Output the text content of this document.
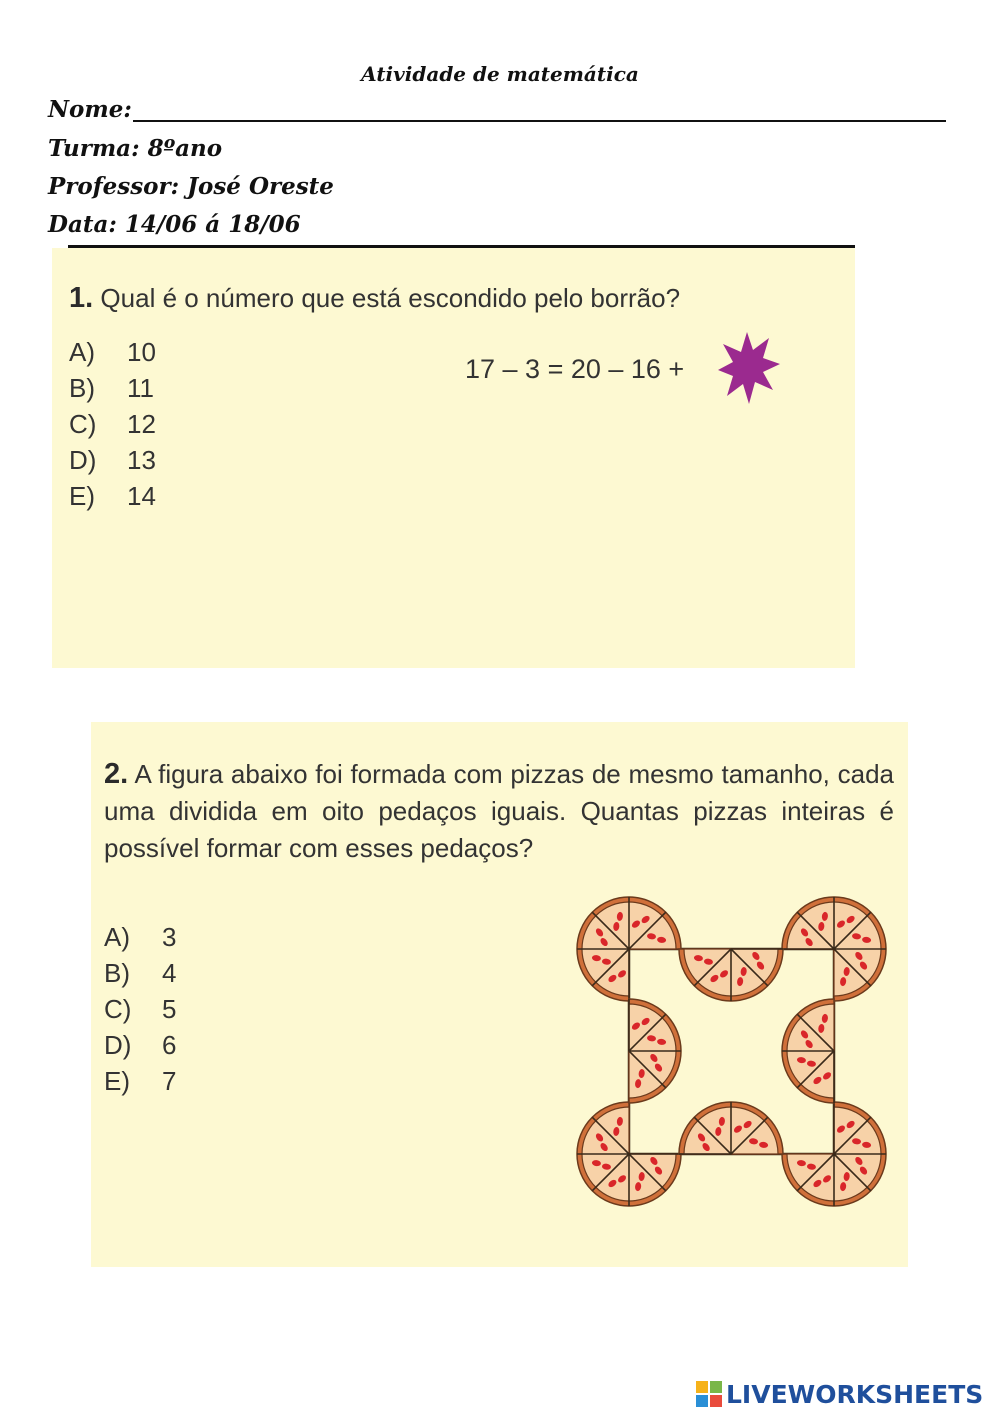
Atividade de matemática
Nome:
Turma: 8ºano
Professor: José Oreste
Data: 14/06 á 18/06
1. Qual é o número que está escondido pelo borrão?
A) 10
B) 11
C) 12
D) 13
E) 14
17 – 3 = 20 – 16 +
2. A figura abaixo foi formada com pizzas de mesmo tamanho, cada uma dividida em oito pedaços iguais. Quantas pizzas inteiras é possível formar com esses pedaços?
A) 3
B) 4
C) 5
D) 6
E) 7
LIVEWORKSHEETS
